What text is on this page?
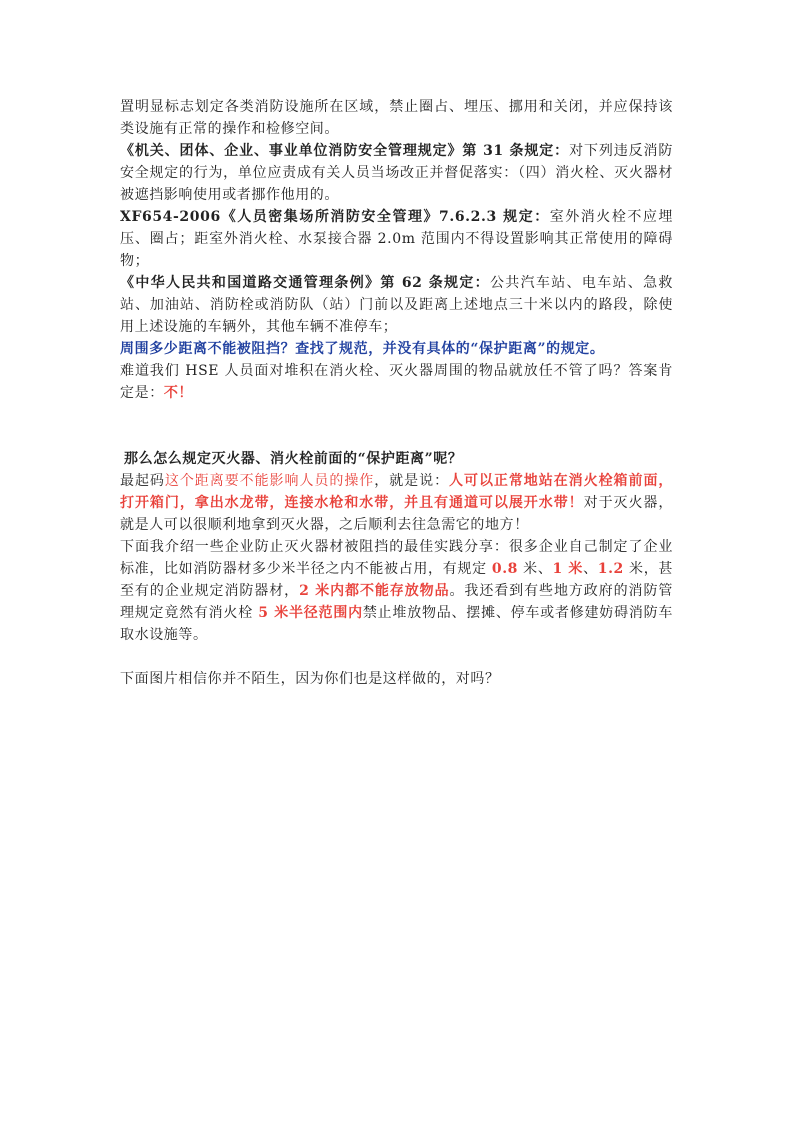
置明显标志划定各类消防设施所在区域，禁止圈占、埋压、挪用和关闭，并应保持该类设施有正常的操作和检修空间。

《机关、团体、企业、事业单位消防安全管理规定》第 31 条规定：对下列违反消防安全规定的行为，单位应责成有关人员当场改正并督促落实：（四）消火栓、灭火器材被遮挡影响使用或者挪作他用的。

XF654-2006《人员密集场所消防安全管理》7.6.2.3 规定：室外消火栓不应埋压、圈占；距室外消火栓、水泵接合器 2.0m 范围内不得设置影响其正常使用的障碍物；

《中华人民共和国道路交通管理条例》第 62 条规定：公共汽车站、电车站、急救站、加油站、消防栓或消防队（站）门前以及距离上述地点三十米以内的路段，除使用上述设施的车辆外，其他车辆不准停车；

周围多少距离不能被阻挡？查找了规范，并没有具体的“保护距离”的规定。

难道我们 HSE 人员面对堆积在消火栓、灭火器周围的物品就放任不管了吗？答案肯定是：不！

那么怎么规定灭火器、消火栓前面的“保护距离”呢？

最起码这个距离要不能影响人员的操作，就是说：人可以正常地站在消火栓箱前面，打开箱门，拿出水龙带，连接水枪和水带，并且有通道可以展开水带！对于灭火器，就是人可以很顺利地拿到灭火器，之后顺利去往急需它的地方！

下面我介绍一些企业防止灭火器材被阻挡的最佳实践分享：很多企业自己制定了企业标准，比如消防器材多少米半径之内不能被占用，有规定 0.8 米、1 米、1.2 米，甚至有的企业规定消防器材，2 米内都不能存放物品。我还看到有些地方政府的消防管理规定竟然有消火栓 5 米半径范围内禁止堆放物品、摆摊、停车或者修建妨碍消防车取水设施等。

下面图片相信你并不陌生，因为你们也是这样做的，对吗？
